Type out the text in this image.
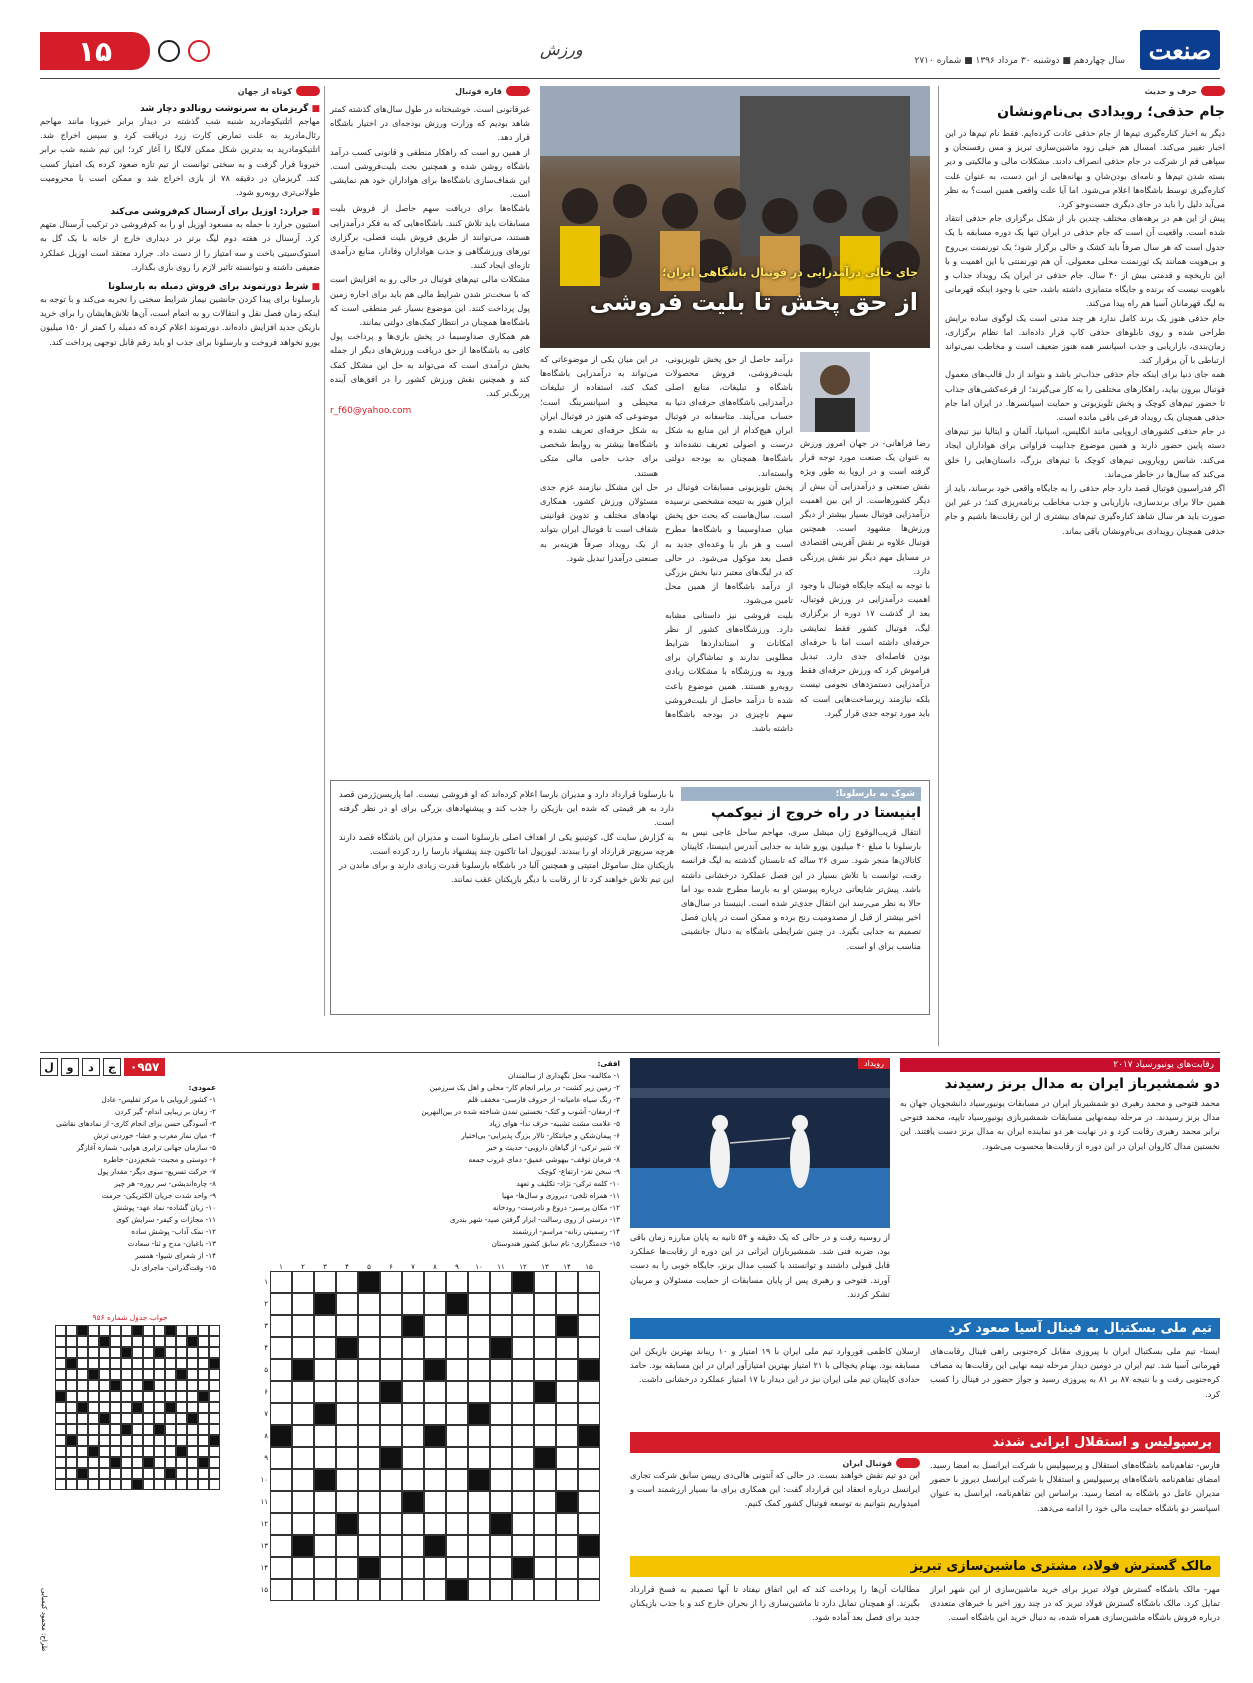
۱۵	ورزش
سال چهاردهم ■ دوشنبه ۳۰ مرداد ۱۳۹۶ ■ شماره ۲۷۱۰ صنعت
حرف و حدیث
جام حذفی؛ رویدادی بی‌نام‌ونشان

دیگر به اخبار کناره‌گیری تیم‌ها از جام حذفی عادت کرده‌ایم. فقط نام تیم‌ها در این اخبار تغییر می‌کند. امسال هم خیلی زود ماشین‌سازی تبریز و مس رفسنجان و سپاهی قم از شرکت در جام حذفی انصراف دادند. مشکلات مالی و مالکیتی و دیر بسته شدن تیم‌ها و نامه‌ای بودن‌شان و بهانه‌هایی از این دست، به عنوان علت کناره‌گیری توسط باشگاه‌ها اعلام می‌شود. اما آیا علت واقعی همین است؟ به نظر می‌آید دلیل را باید در جای دیگری جست‌وجو کرد.

پیش از این هم در برهه‌های مختلف چندین بار از شکل برگزاری جام حذفی انتقاد شده است. واقعیت آن است که جام حذفی در ایران تنها یک دوره مسابقه با یک جدول است که هر سال صرفاً باید کشک و خالی برگزار شود؛ یک تورنمنت بی‌روح و بی‌هویت همانند یک تورنمنت محلی معمولی. آن هم تورنمنتی با این اهمیت و با این تاریخچه و قدمتی بیش از ۴۰ سال. جام حذفی در ایران یک رویداد جذاب و باهویت نیست که برنده و جایگاه متمایزی داشته باشد، حتی با وجود اینکه قهرمانی به لیگ قهرمانان آسیا هم راه پیدا می‌کند.

جام حذفی هنوز یک برند کامل ندارد هر چند مدتی است یک لوگوی ساده برایش طراحی شده و روی تابلوهای حذفی کاپ قرار داده‌اند. اما نظام برگزاری، زمان‌بندی، بازاریابی و جذب اسپانسر همه هنوز ضعیف است و مخاطب نمی‌تواند ارتباطی با آن برقرار کند.

همه جای دنیا برای اینکه جام حذفی جذاب‌تر باشد و بتواند از دل قالب‌های معمول فوتبال بیرون بیاید، راهکارهای مختلفی را به کار می‌گیرند؛ از قرعه‌کشی‌های جذاب تا حضور تیم‌های کوچک و پخش تلویزیونی و حمایت اسپانسرها. در ایران اما جام حذفی همچنان یک رویداد فرعی باقی مانده است.

در جام حذفی کشورهای اروپایی مانند انگلیس، اسپانیا، آلمان و ایتالیا نیز تیم‌های دسته پایین حضور دارند و همین موضوع جذابیت فراوانی برای هواداران ایجاد می‌کند. شانس رویارویی تیم‌های کوچک با تیم‌های بزرگ، داستان‌هایی را خلق می‌کند که سال‌ها در خاطر می‌ماند.

اگر فدراسیون فوتبال قصد دارد جام حذفی را به جایگاه واقعی خود برساند، باید از همین حالا برای برندسازی، بازاریابی و جذب مخاطب برنامه‌ریزی کند؛ در غیر این صورت باید هر سال شاهد کناره‌گیری تیم‌های بیشتری از این رقابت‌ها باشیم و جام حذفی همچنان رویدادی بی‌نام‌ونشان باقی بماند.

جای خالی درآمدزایی در فوتبال باشگاهی ایران؛
از حق پخش تا بلیت فروشی

رضا فراهانی- در جهان امروز ورزش به عنوان یک صنعت مورد توجه قرار گرفته است و در اروپا به طور ویژه نقش صنعتی و درآمدزایی آن بیش از دیگر کشورهاست. از این بین اهمیت درآمدزایی فوتبال بسیار بیشتر از دیگر ورزش‌ها مشهود است. همچنین فوتبال علاوه بر نقش آفرینی اقتصادی در مسایل مهم دیگر نیز نقش پررنگی دارد.

با توجه به اینکه جایگاه فوتبال با وجود اهمیت درآمدزایی در ورزش فوتبال، بعد از گذشت ۱۷ دوره از برگزاری لیگ، فوتبال کشور فقط نمایشی حرفه‌ای داشته است اما با حرفه‌ای بودن فاصله‌ای جدی دارد. تبدیل فراموش کرد که ورزش حرفه‌ای فقط درآمدزایی دستمزدهای نجومی نیست بلکه نیازمند زیرساخت‌هایی است که باید مورد توجه جدی قرار گیرد.

درآمد حاصل از حق پخش تلویزیونی، بلیت‌فروشی، فروش محصولات باشگاه و تبلیغات، منابع اصلی درآمدزایی باشگاه‌های حرفه‌ای دنیا به حساب می‌آیند. متاسفانه در فوتبال ایران هیچ‌کدام از این منابع به شکل درست و اصولی تعریف نشده‌اند و باشگاه‌ها همچنان به بودجه دولتی وابسته‌اند.

پخش تلویزیونی مسابقات فوتبال در ایران هنوز به نتیجه مشخصی نرسیده است. سال‌هاست که بحث حق پخش میان صداوسیما و باشگاه‌ها مطرح است و هر بار با وعده‌ای جدید به فصل بعد موکول می‌شود. در حالی که در لیگ‌های معتبر دنیا بخش بزرگی از درآمد باشگاه‌ها از همین محل تامین می‌شود.

بلیت فروشی نیز داستانی مشابه دارد. ورزشگاه‌های کشور از نظر امکانات و استانداردها شرایط مطلوبی ندارند و تماشاگران برای ورود به ورزشگاه با مشکلات زیادی روبه‌رو هستند. همین موضوع باعث شده تا درآمد حاصل از بلیت‌فروشی سهم ناچیزی در بودجه باشگاه‌ها داشته باشد.

در این میان یکی از موضوعاتی که می‌تواند به درآمدزایی باشگاه‌ها کمک کند، استفاده از تبلیغات محیطی و اسپانسرینگ است؛ موضوعی که هنوز در فوتبال ایران به شکل حرفه‌ای تعریف نشده و باشگاه‌ها بیشتر به روابط شخصی برای جذب حامی مالی متکی هستند.

حل این مشکل نیازمند عزم جدی مسئولان ورزش کشور، همکاری نهادهای مختلف و تدوین قوانینی شفاف است تا فوتبال ایران بتواند از یک رویداد صرفاً هزینه‌بر به صنعتی درآمدزا تبدیل شود.

قاره فوتبال

غیرقانونی است. خوشبختانه در طول سال‌های گذشته کمتر شاهد بودیم که وزارت ورزش بودجه‌ای در اختیار باشگاه قرار دهد.

از همین رو است که راهکار منطقی و قانونی کسب درآمد باشگاه روشن شده و همچنین بحث بلیت‌فروشی است. این شفاف‌سازی باشگاه‌ها برای هواداران خود هم نمایشی است.

باشگاه‌ها برای دریافت سهم حاصل از فروش بلیت مسابقات باید تلاش کنند. باشگاه‌هایی که به فکر درآمدزایی هستند، می‌توانند از طریق فروش بلیت فصلی، برگزاری تورهای ورزشگاهی و جذب هواداران وفادار، منابع درآمدی تازه‌ای ایجاد کنند.

مشکلات مالی تیم‌های فوتبال در حالی رو به افزایش است که با سخت‌تر شدن شرایط مالی هم باید برای اجاره زمین پول پرداخت کنند. این موضوع بسیار غیر منطقی است که باشگاه‌ها همچنان در انتظار کمک‌های دولتی بمانند.

هم همکاری صداوسیما در پخش بازی‌ها و پرداخت پول کافی به باشگاه‌ها از حق دریافت ورزش‌های دیگر از جمله بخش درآمدی است که می‌تواند به حل این مشکل کمک کند و همچنین نقش ورزش کشور را در افق‌های آینده پررنگ‌تر کند.

r_f60@yahoo.com
کوتاه از جهان
■ گریزمان به سرنوشت رونالدو دچار شد

مهاجم اتلتیکومادرید شنبه شب گذشته در دیدار برابر خیرونا مانند مهاجم رئال‌مادرید به علت تمارض کارت زرد دریافت کرد و سپس اخراج شد. اتلتیکومادرید به بدترین شکل ممکن لالیگا را آغاز کرد؛ این تیم شنبه شب برابر خیرونا قرار گرفت و به سختی توانست از تیم تازه صعود کرده یک امتیاز کسب کند. گریزمان در دقیقه ۷۸ از بازی اخراج شد و ممکن است با محرومیت طولانی‌تری روبه‌رو شود.

■ جرارد: اوزیل برای آرسنال کم‌فروشی می‌کند

استیون جرارد با حمله به مسعود اوزیل او را به کم‌فروشی در ترکیب آرسنال متهم کرد. آرسنال در هفته دوم لیگ برتر در دیداری خارج از خانه با یک گل به استوک‌سیتی باخت و سه امتیاز را از دست داد. جرارد معتقد است اوزیل عملکرد ضعیفی داشته و نتوانسته تاثیر لازم را روی بازی بگذارد.

■ شرط دورتموند برای فروش دمبله به بارسلونا

بارسلونا برای پیدا کردن جانشین نیمار شرایط سختی را تجربه می‌کند و با توجه به اینکه زمان فصل نقل و انتقالات رو به اتمام است، آن‌ها تلاش‌هایشان را برای خرید بازیکن جدید افزایش داده‌اند. دورتموند اعلام کرده که دمبله را کمتر از ۱۵۰ میلیون یورو نخواهد فروخت و بارسلونا برای جذب او باید رقم قابل توجهی پرداخت کند.

شوک به بارسلونا؛
اینیستا در راه خروج از نیوکمپ

انتقال قریب‌الوقوع ژان میشل سری، مهاجم ساحل عاجی نیس به بارسلونا با مبلغ ۴۰ میلیون یورو شاید به جدایی آندرس اینیستا، کاپیتان کاتالان‌ها منجر شود. سری ۲۶ ساله که تابستان گذشته به لیگ فرانسه رفت، توانست با تلاش بسیار در این فصل عملکرد درخشانی داشته باشد. پیش‌تر شایعاتی درباره پیوستن او به بارسا مطرح شده بود اما حالا به نظر می‌رسد این انتقال جدی‌تر شده است. اینیستا در سال‌های اخیر بیشتر از قبل از مصدومیت رنج برده و ممکن است در پایان فصل تصمیم به جدایی بگیرد. در چنین شرایطی باشگاه به دنبال جانشینی مناسب برای او است.

با بارسلونا قرارداد دارد و مدیران بارسا اعلام کرده‌اند که او فروشی نیست. اما پاریسن‌ژرمن قصد دارد به هر قیمتی که شده این بازیکن را جذب کند و پیشنهادهای بزرگی برای او در نظر گرفته است.

به گزارش سایت گل، کوتینیو یکی از اهداف اصلی بارسلونا است و مدیران این باشگاه قصد دارند هرچه سریع‌تر قرارداد او را ببندند. لیورپول اما تاکنون چند پیشنهاد بارسا را رد کرده است.

بازیکنان مثل ساموئل امتیتی و همچنین آلبا در باشگاه بارسلونا قدرت زیادی دارند و برای ماندن در این تیم تلاش خواهند کرد تا از رقابت با دیگر بازیکنان عقب نمانند.

رقابت‌های یونیورسیاد ۲۰۱۷
دو شمشیرباز ایران به مدال برنز رسیدند

محمد فتوحی و محمد رهبری دو شمشیرباز ایران در مسابقات یونیورسیاد دانشجویان جهان به مدال برنز رسیدند. در مرحله نیمه‌نهایی مسابقات شمشیربازی یونیورسیاد تایپه، محمد فتوحی برابر محمد رهبری رقابت کرد و در نهایت هر دو نماینده ایران به مدال برنز دست یافتند. این نخستین مدال کاروان ایران در این دوره از رقابت‌ها محسوب می‌شود.

رویداد

از روسیه رفت و در حالی که یک دقیقه و ۵۴ ثانیه به پایان مبارزه زمان باقی بود، ضربه فنی شد. شمشیربازان ایرانی در این دوره از رقابت‌ها عملکرد قابل قبولی داشتند و توانستند با کسب مدال برنز، جایگاه خوبی را به دست آورند. فتوحی و رهبری پس از پایان مسابقات از حمایت مسئولان و مربیان تشکر کردند.

تیم ملی بسکتبال به فینال آسیا صعود کرد

ایستا- تیم ملی بسکتبال ایران با پیروزی مقابل کره‌جنوبی راهی فینال رقابت‌های قهرمانی آسیا شد. تیم ایران در دومین دیدار مرحله نیمه نهایی این رقابت‌ها به مصاف کره‌جنوبی رفت و با نتیجه ۸۷ بر ۸۱ به پیروزی رسید و جواز حضور در فینال را کسب کرد.

ارسلان کاظمی فوروارد تیم ملی ایران با ۱۹ امتیاز و ۱۰ ریباند بهترین بازیکن این مسابقه بود. بهنام یخچالی با ۲۱ امتیاز بهترین امتیازآور ایران در این مسابقه بود. حامد حدادی کاپیتان تیم ملی ایران نیز در این دیدار با ۱۷ امتیاز عملکرد درخشانی داشت.

پرسپولیس و استقلال ایرانی شدند

فارس- تفاهم‌نامه باشگاه‌های استقلال و پرسپولیس با شرکت ایرانسل به امضا رسید. امضای تفاهم‌نامه باشگاه‌های پرسپولیس و استقلال با شرکت ایرانسل دیروز با حضور مدیران عامل دو باشگاه به امضا رسید. براساس این تفاهم‌نامه، ایرانسل به عنوان اسپانسر دو باشگاه حمایت مالی خود را ادامه می‌دهد.

فوتبال ایران

این دو تیم نقش خواهند بست. در حالی که آنتونی هالی‌دی رییس سابق شرکت تجاری ایرانسل درباره انعقاد این قرارداد گفت: این همکاری برای ما بسیار ارزشمند است و امیدواریم بتوانیم به توسعه فوتبال کشور کمک کنیم.

مالک گسترش فولاد، مشتری ماشین‌سازی تبریز

مهر- مالک باشگاه گسترش فولاد تبریز برای خرید ماشین‌سازی از این شهر ابراز تمایل کرد. مالک باشگاه گسترش فولاد تبریز که در چند روز اخیر با خبرهای متعددی درباره فروش باشگاه ماشین‌سازی همراه شده، به دنبال خرید این باشگاه است.

مطالبات آن‌ها را پرداخت کند که این اتفاق نیفتاد تا آنها تصمیم به فسخ قرارداد بگیرند. او همچنان تمایل دارد تا ماشین‌سازی را از بحران خارج کند و با جذب بازیکنان جدید برای فصل بعد آماده شود.

۰۹۵۷
ج
د
و
ل	افقی:
۱- مکالمه- محل نگهداری از سالمندان
۲- زمین زیر کشت- در برابر انجام کار- محلی و اهل یک سرزمین
۳- رنگ سیاه عامیانه- از حروف فارسی- مخفف قلم
۴- ارمغان- آشوب و کتک- نخستین تمدن شناخته شده در بین‌النهرین
۵- علامت مشت تشبیه- حرف ندا- هوای زیاد
۶- پیمان‌شکن و خیانتکار- تالار بزرگ پذیرایی- بی‌اختیار
۷- شیر ترکی- از گیاهان دارویی- حدیث و خبر
۸- فرمان توقف- بیهوشی عمیق- دمای غروب جمعه
۹- سخن نغز- ارتفاع- کوچک
۱۰- کلمه ترکی- نژاد- تکلیف و تعهد
۱۱- همراه تلخی- دیروزی و سال‌ها- مهیا
۱۲- مکان پرسبز- دروغ و نادرست- رودخانه
۱۳- درستی از روی رسالت- ابزار گرفتن صید- شهر بندری
۱۴- رسمیتی زنانه- مراسم- ارزشمند
۱۵- خدمتگزاری- نام سابق کشور هندوستان
عمودی:
۱- کشور اروپایی با مرکز تفلیس- عادل
۲- زمان بر زیبایی اندام- گیر کردن
۳- آسودگی حسن برای انجام کاری- از نمادهای نقاشی
۴- میان نماز مغرب و عشا- خوردنی ترش
۵- سازمان جهانی ترابری هوایی- شماره آغازگر
۶- دوستی و محبت- شخم‌زدن- خاطره
۷- حرکت تسریع- سوی دیگر- مقدار پول
۸- چاره‌اندیشی- سر روزه- هر چیز
۹- واحد شدت جریان الکتریکی- حرمت
۱۰- زبان گشاده- نماد عهد- پوشش
۱۱- مجازات و کیفر- سرایش کوی
۱۲- نمک آداب- پوشش ساده
۱۳- باغبان- مدح و ثنا- سعادت
۱۴- از شعرای شیوا- همسر
۱۵- وقت‌گذرانی- ماجرای دل	۱۵
۱۴
۱۳
۱۲
۱۱
۱۰
۹
۸
۷
۶
۵
۴
۳
۲
۱
۱
۲
۳
۴
۵
۶
۷
۸
۹
۱۰
۱۱
۱۲
۱۳
۱۴
۱۵
جواب جدول شماره ۹۵۶
طراح: محمود کیمیایی
